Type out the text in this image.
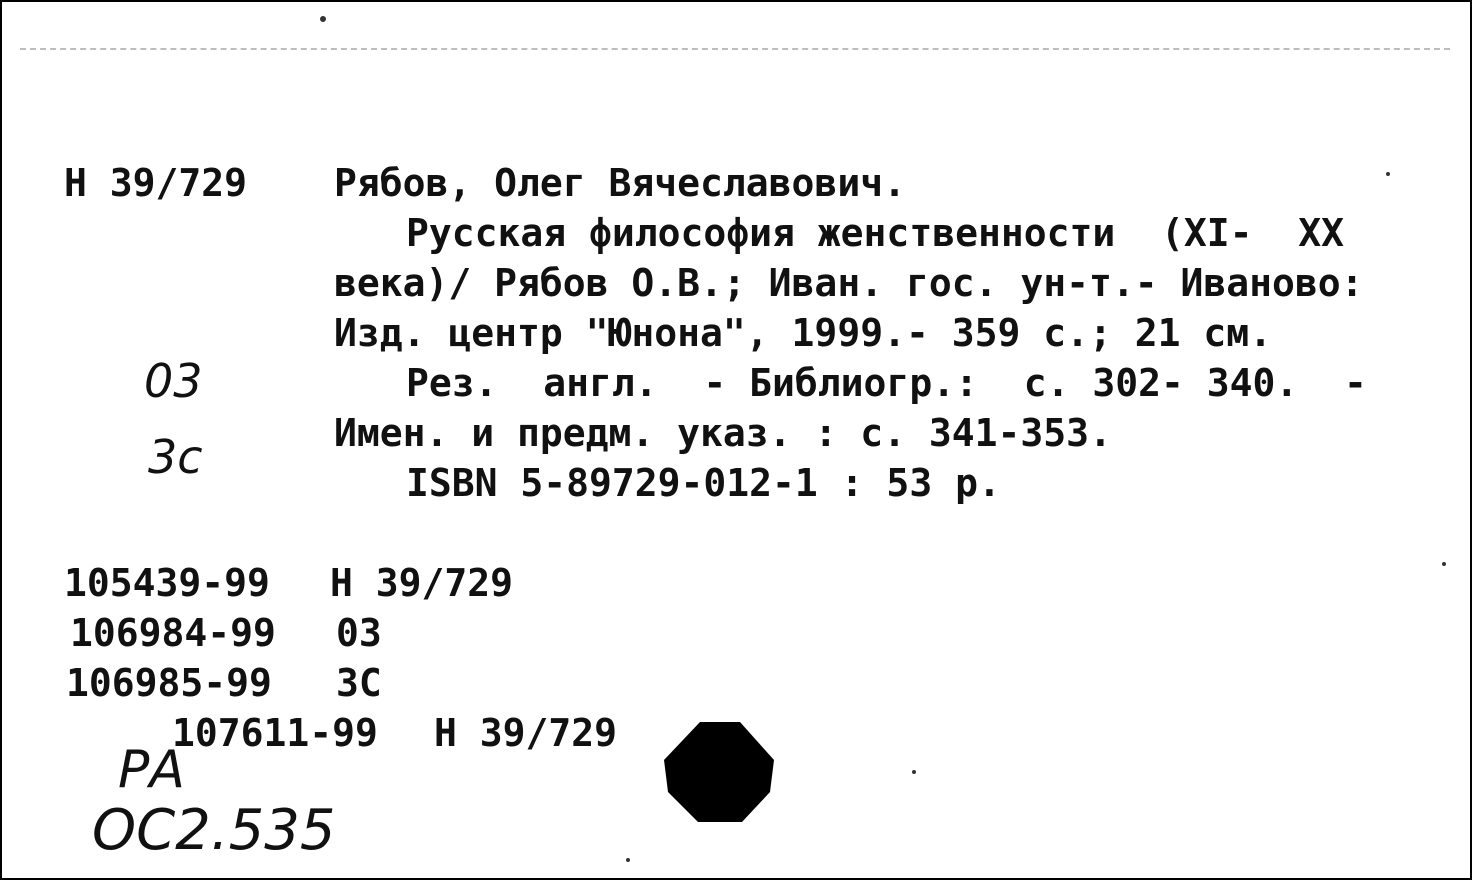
Н 39/729 Рябов, Олег Вячеславович.
Русская философия женственности  (XI-  XX
века)/ Рябов О.В.; Иван. гос. ун-т.- Иваново:
Изд. центр "Юнона", 1999.- 359 с.; 21 см.
Рез.  англ.  - Библиогр.:  с. 302- 340.  -
Имен. и предм. указ. : с. 341-353.
ISBN 5-89729-012-1 : 53 р.
03
3с
105439-99 Н 39/729
106984-99 03
106985-99 3С
107611-99 Н 39/729
РА
ОС2.535
